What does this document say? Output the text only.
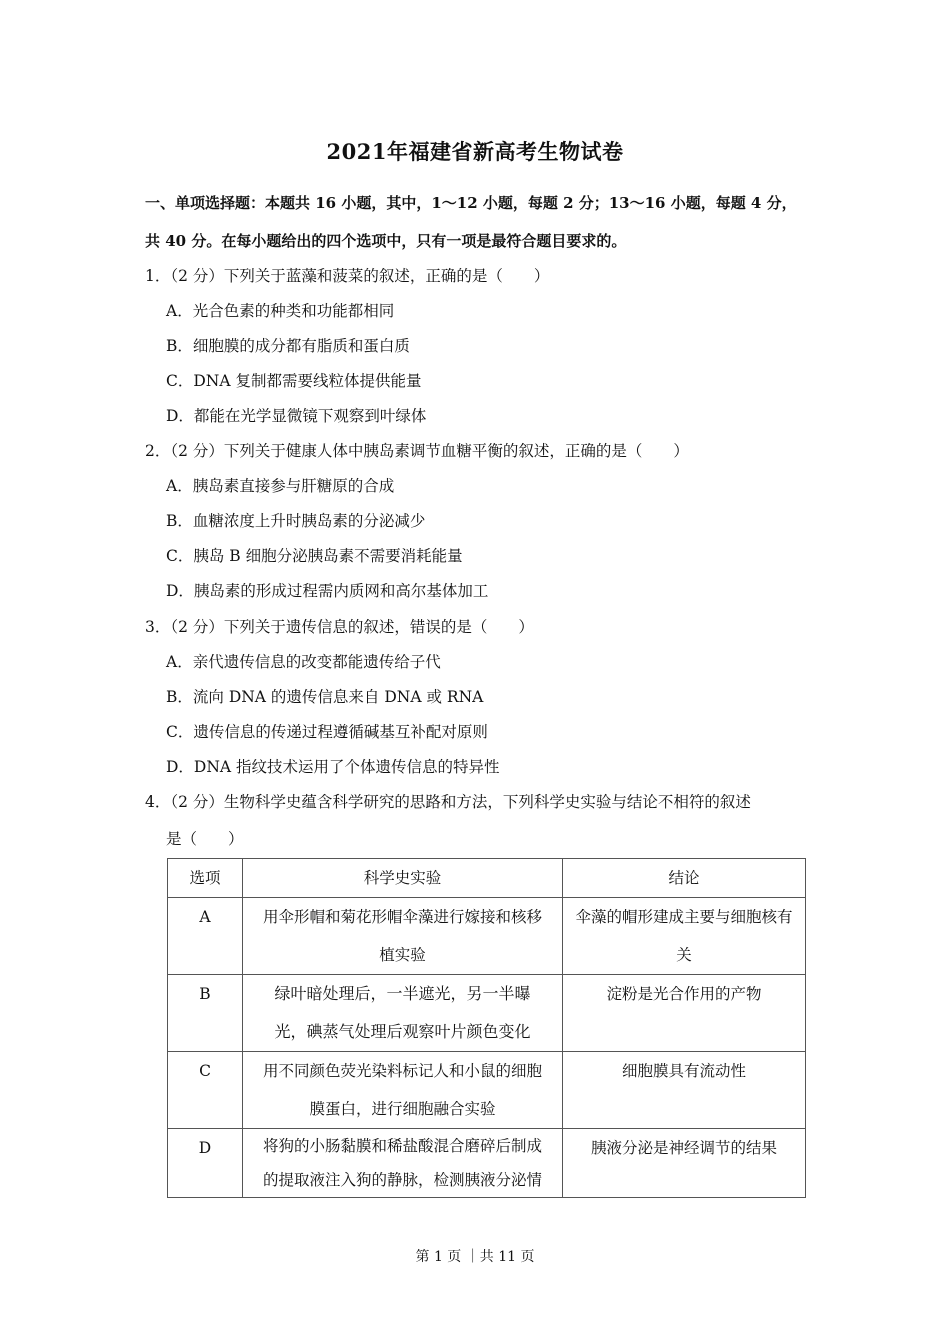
2021年福建省新高考生物试卷
一、单项选择题：本题共 16 小题，其中，1～12 小题，每题 2 分；13～16 小题，每题 4 分，
共 40 分。在每小题给出的四个选项中，只有一项是最符合题目要求的。
1．（2 分）下列关于蓝藻和菠菜的叙述，正确的是（　　）
A．光合色素的种类和功能都相同
B．细胞膜的成分都有脂质和蛋白质
C．DNA 复制都需要线粒体提供能量
D．都能在光学显微镜下观察到叶绿体
2．（2 分）下列关于健康人体中胰岛素调节血糖平衡的叙述，正确的是（　　）
A．胰岛素直接参与肝糖原的合成
B．血糖浓度上升时胰岛素的分泌减少
C．胰岛 B 细胞分泌胰岛素不需要消耗能量
D．胰岛素的形成过程需内质网和高尔基体加工
3．（2 分）下列关于遗传信息的叙述，错误的是（　　）
A．亲代遗传信息的改变都能遗传给子代
B．流向 DNA 的遗传信息来自 DNA 或 RNA
C．遗传信息的传递过程遵循碱基互补配对原则
D．DNA 指纹技术运用了个体遗传信息的特异性
4．（2 分）生物科学史蕴含科学研究的思路和方法，下列科学史实验与结论不相符的叙述
是（　　）
选项	科学史实验	结论
A	用伞形帽和菊花形帽伞藻进行嫁接和核移
植实验	伞藻的帽形建成主要与细胞核有
关
B	绿叶暗处理后，一半遮光，另一半曝
光，碘蒸气处理后观察叶片颜色变化	淀粉是光合作用的产物
C	用不同颜色荧光染料标记人和小鼠的细胞
膜蛋白，进行细胞融合实验	细胞膜具有流动性
D	将狗的小肠黏膜和稀盐酸混合磨碎后制成
的提取液注入狗的静脉，检测胰液分泌情	胰液分泌是神经调节的结果
第 1 页 ｜共 11 页
